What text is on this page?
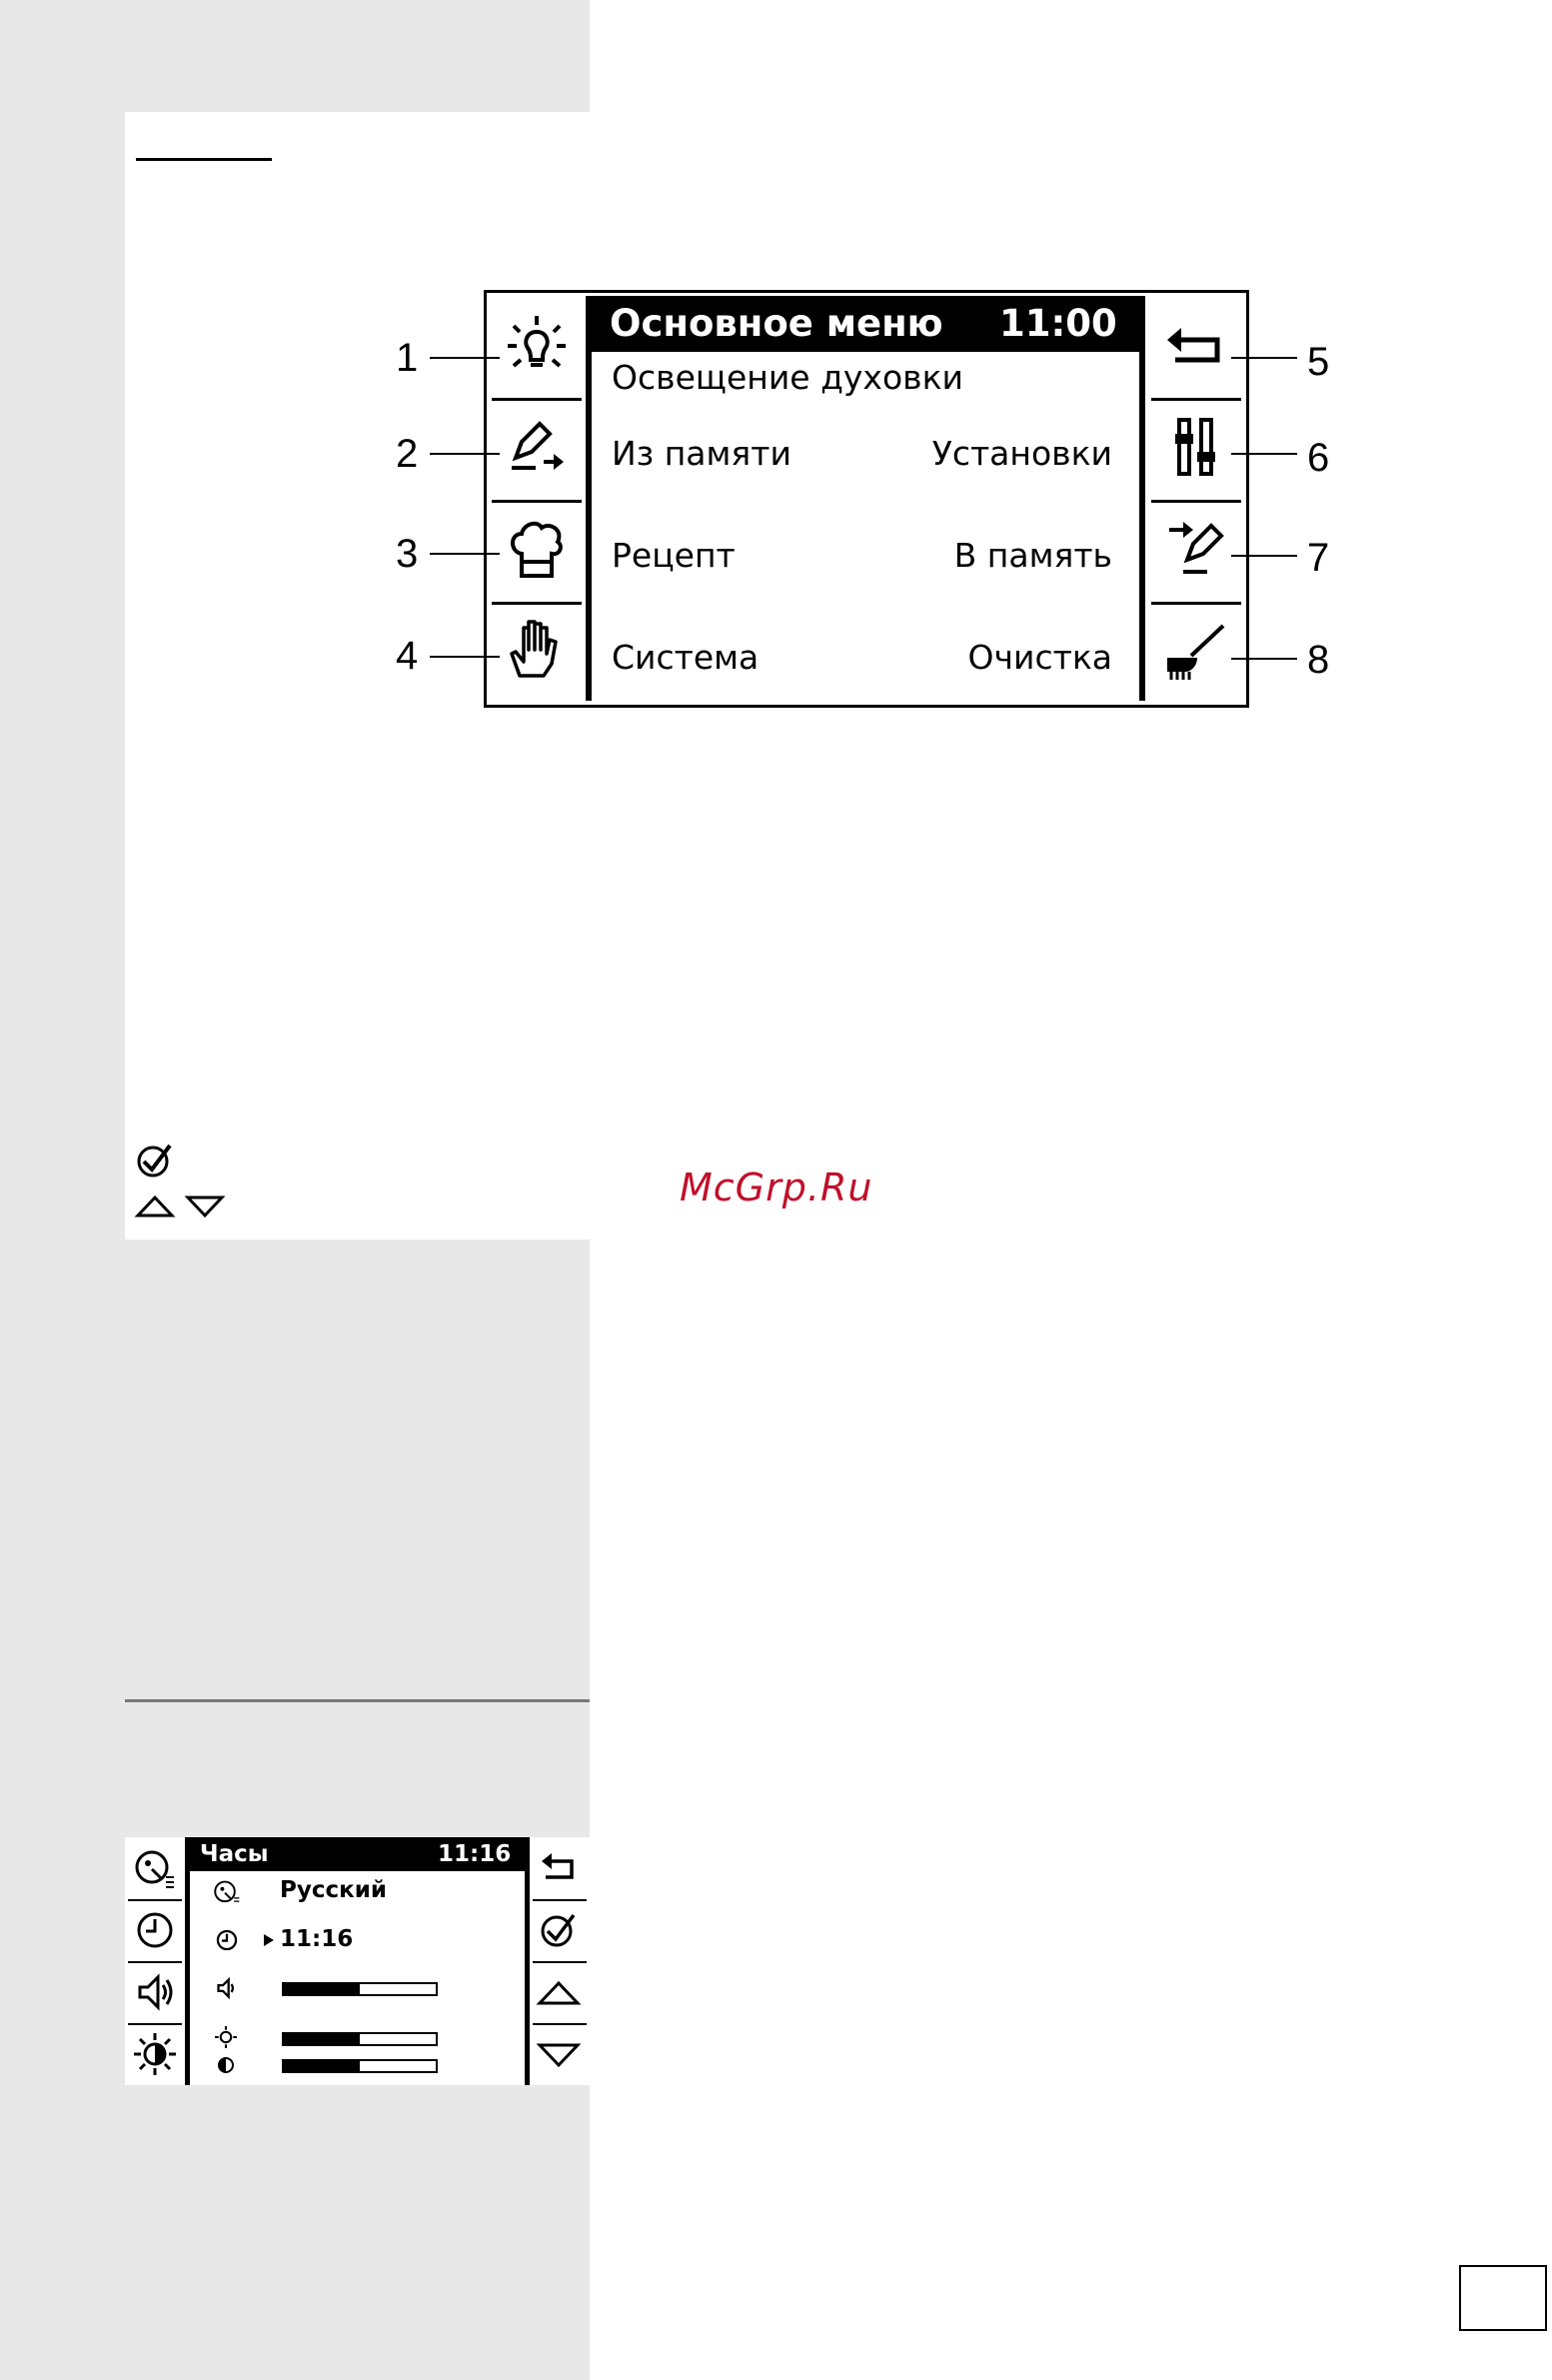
Основное меню 11:00
Освещение духовки
Из памяти
Рецепт
Система
Установки
В память
Очистка
1
2
3
4
5
6
7
8
McGrp.Ru
Часы	11:16
Русский
11:16
